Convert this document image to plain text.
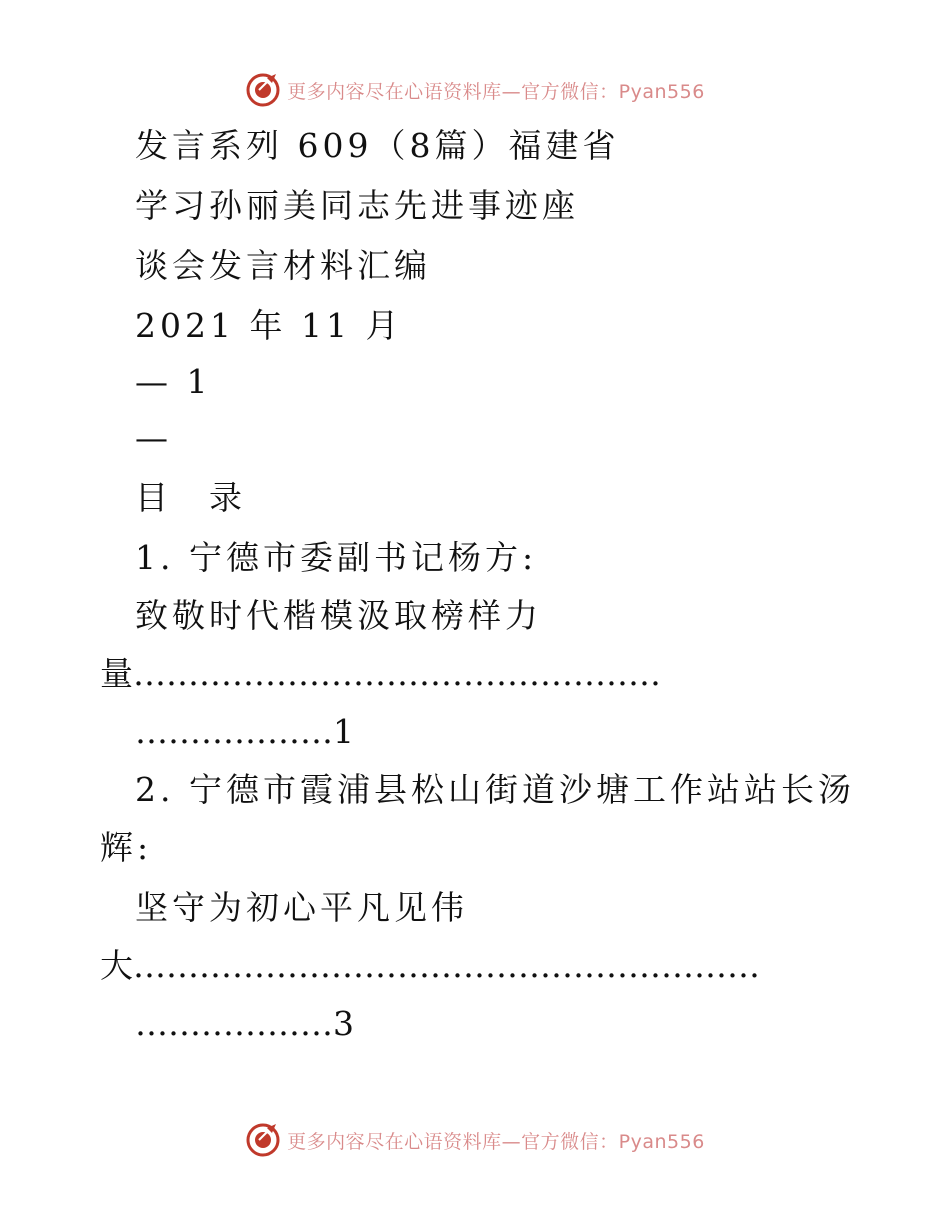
更多内容尽在心语资料库—官方微信：Pyan556
发言系列 609（8篇）福建省
学习孙丽美同志先进事迹座
谈会发言材料汇编
2021 年 11 月
— 1
—
目　录
1. 宁德市委副书记杨方:
致敬时代楷模汲取榜样力
量…………………………………………
………………1
2. 宁德市霞浦县松山街道沙塘工作站站长汤
辉:
坚守为初心平凡见伟
大…………………………………………………
………………3
更多内容尽在心语资料库—官方微信：Pyan556
